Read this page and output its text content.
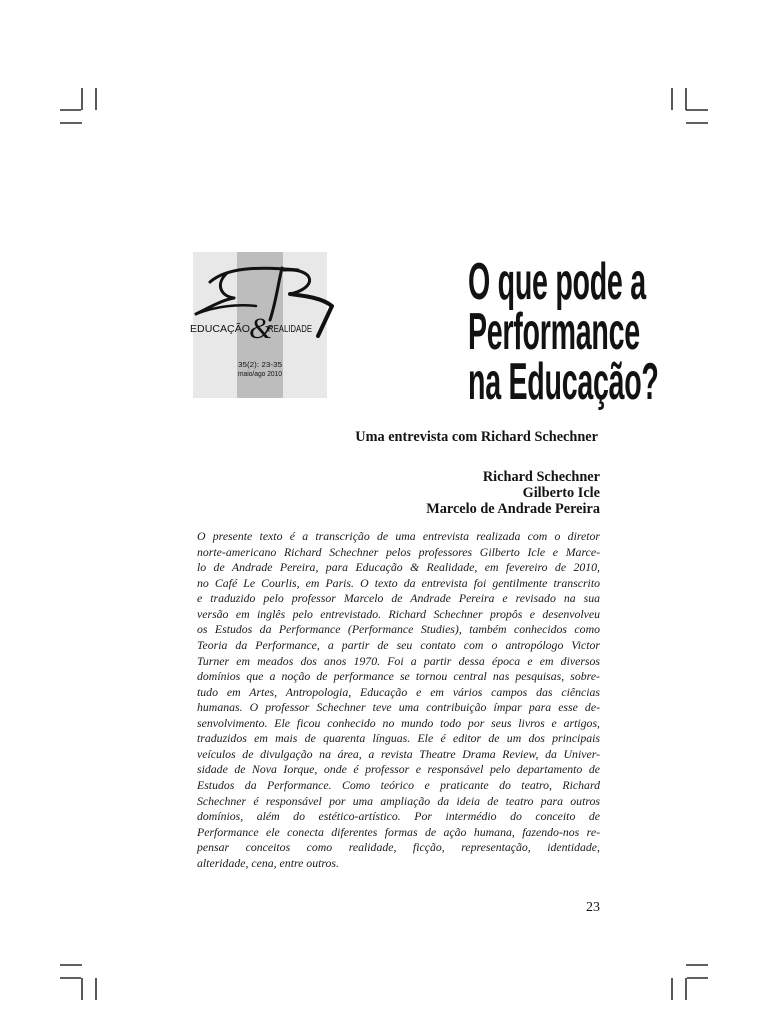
EDUCAÇÃO &
REALIDADE
35(2): 23-35
maio/ago 2010
O que pode a
Performance
na Educação?
Uma entrevista com Richard Schechner
Richard Schechner
Gilberto Icle
Marcelo de Andrade Pereira
O presente texto é a transcrição de uma entrevista realizada com o diretor
norte-americano Richard Schechner pelos professores Gilberto Icle e Marce-
lo de Andrade Pereira, para Educação & Realidade, em fevereiro de 2010,
no Café Le Courlis, em Paris. O texto da entrevista foi gentilmente transcrito
e traduzido pelo professor Marcelo de Andrade Pereira e revisado na sua
versão em inglês pelo entrevistado. Richard Schechner propôs e desenvolveu
os Estudos da Performance (Performance Studies), também conhecidos como
Teoria da Performance, a partir de seu contato com o antropólogo Victor
Turner em meados dos anos 1970. Foi a partir dessa época e em diversos
domínios que a noção de performance se tornou central nas pesquisas, sobre-
tudo em Artes, Antropologia, Educação e em vários campos das ciências
humanas. O professor Schechner teve uma contribuição ímpar para esse de-
senvolvimento. Ele ficou conhecido no mundo todo por seus livros e artigos,
traduzidos em mais de quarenta línguas. Ele é editor de um dos principais
veículos de divulgação na área, a revista Theatre Drama Review, da Univer-
sidade de Nova Iorque, onde é professor e responsável pelo departamento de
Estudos da Performance. Como teórico e praticante do teatro, Richard
Schechner é responsável por uma ampliação da ideia de teatro para outros
domínios, além do estético-artístico. Por intermédio do conceito de
Performance ele conecta diferentes formas de ação humana, fazendo-nos re-
pensar conceitos como realidade, ficção, representação, identidade,
alteridade, cena, entre outros.
23
